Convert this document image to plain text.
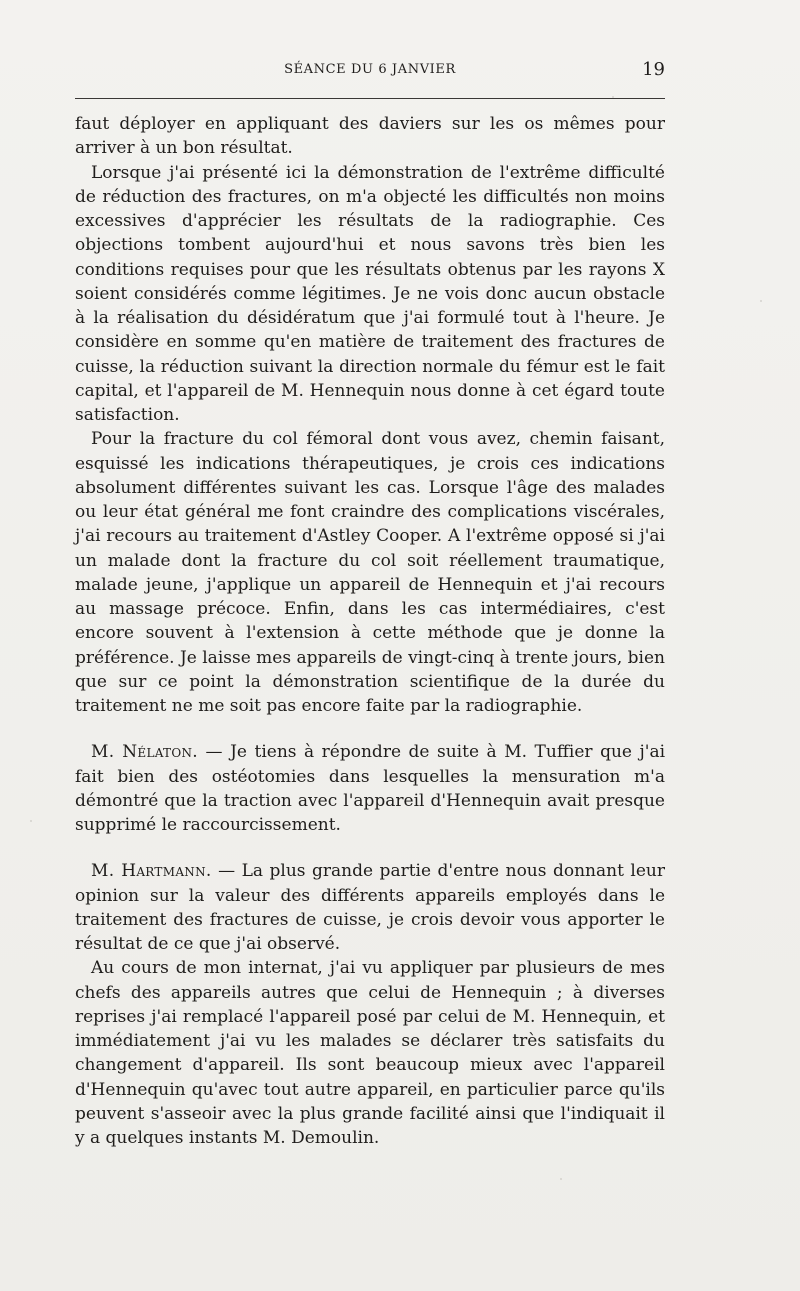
SÉANCE DU 6 JANVIER	19

faut déployer en appliquant des daviers sur les os mêmes pour arriver à un bon résultat.

Lorsque j'ai présenté ici la démonstration de l'extrême difficulté de réduction des fractures, on m'a objecté les difficultés non moins excessives d'apprécier les résultats de la radiographie. Ces objections tombent aujourd'hui et nous savons très bien les conditions requises pour que les résultats obtenus par les rayons X soient considérés comme légitimes. Je ne vois donc aucun obstacle à la réalisation du désidératum que j'ai formulé tout à l'heure. Je considère en somme qu'en matière de traitement des fractures de cuisse, la réduction suivant la direction normale du fémur est le fait capital, et l'appareil de M. Hennequin nous donne à cet égard toute satisfaction.

Pour la fracture du col fémoral dont vous avez, chemin faisant, esquissé les indications thérapeutiques, je crois ces indications absolument différentes suivant les cas. Lorsque l'âge des malades ou leur état général me font craindre des complications viscérales, j'ai recours au traitement d'Astley Cooper. A l'extrême opposé si j'ai un malade dont la fracture du col soit réellement traumatique, malade jeune, j'applique un appareil de Hennequin et j'ai recours au massage précoce. Enfin, dans les cas intermédiaires, c'est encore souvent à l'extension à cette méthode que je donne la préférence. Je laisse mes appareils de vingt-cinq à trente jours, bien que sur ce point la démonstration scientifique de la durée du traitement ne me soit pas encore faite par la radiographie.

M. Nélaton. — Je tiens à répondre de suite à M. Tuffier que j'ai fait bien des ostéotomies dans lesquelles la mensuration m'a démontré que la traction avec l'appareil d'Hennequin avait presque supprimé le raccourcissement.

M. Hartmann. — La plus grande partie d'entre nous donnant leur opinion sur la valeur des différents appareils employés dans le traitement des fractures de cuisse, je crois devoir vous apporter le résultat de ce que j'ai observé.

Au cours de mon internat, j'ai vu appliquer par plusieurs de mes chefs des appareils autres que celui de Hennequin ; à diverses reprises j'ai remplacé l'appareil posé par celui de M. Hennequin, et immédiatement j'ai vu les malades se déclarer très satisfaits du changement d'appareil. Ils sont beaucoup mieux avec l'appareil d'Hennequin qu'avec tout autre appareil, en particulier parce qu'ils peuvent s'asseoir avec la plus grande facilité ainsi que l'indiquait il y a quelques instants M. Demoulin.
